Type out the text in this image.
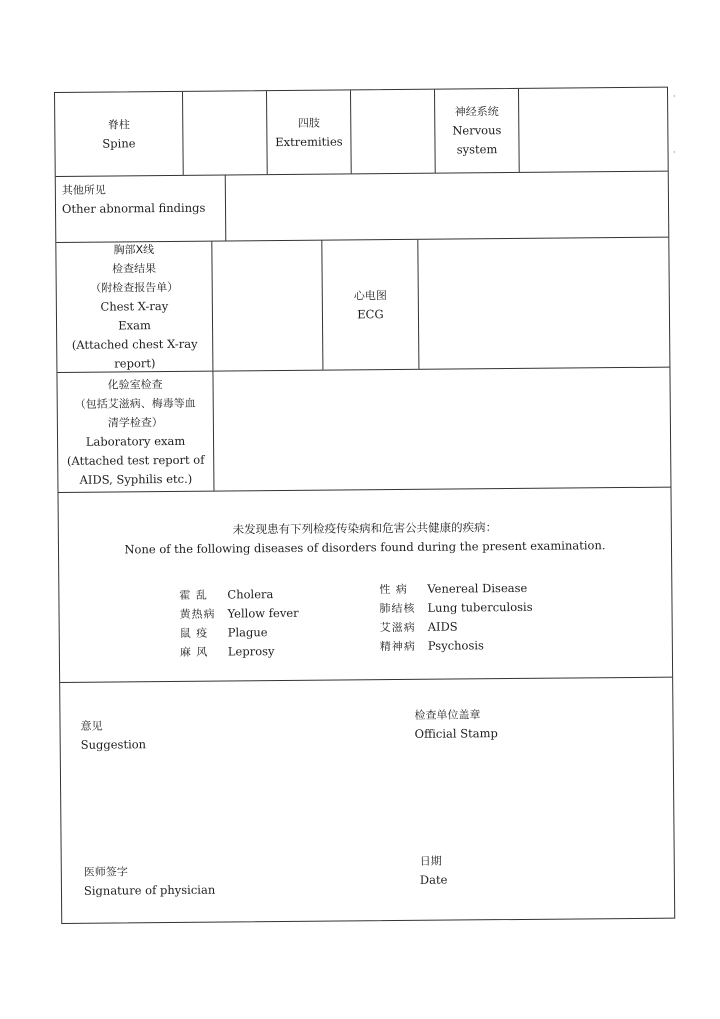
脊柱
Spine
四肢
Extremities
神经系统
Nervous
system
其他所见
Other abnormal findings
胸部X线
检查结果
（附检查报告单）
Chest X-ray
Exam
(Attached chest X-ray
report)
心电图
ECG
化验室检查
（包括艾滋病、梅毒等血
清学检查）
Laboratory exam
(Attached test report of
AIDS, Syphilis etc.)
未发现患有下列检疫传染病和危害公共健康的疾病：
None of the following diseases of disorders found during the present examination.
霍 乱 Cholera
黄热病 Yellow fever
鼠 疫 Plague
麻 风 Leprosy
性 病 Venereal Disease
肺结核 Lung tuberculosis
艾滋病 AIDS
精神病 Psychosis
意见
Suggestion
检查单位盖章
Official Stamp
医师签字
Signature of physician
日期
Date
·
·
